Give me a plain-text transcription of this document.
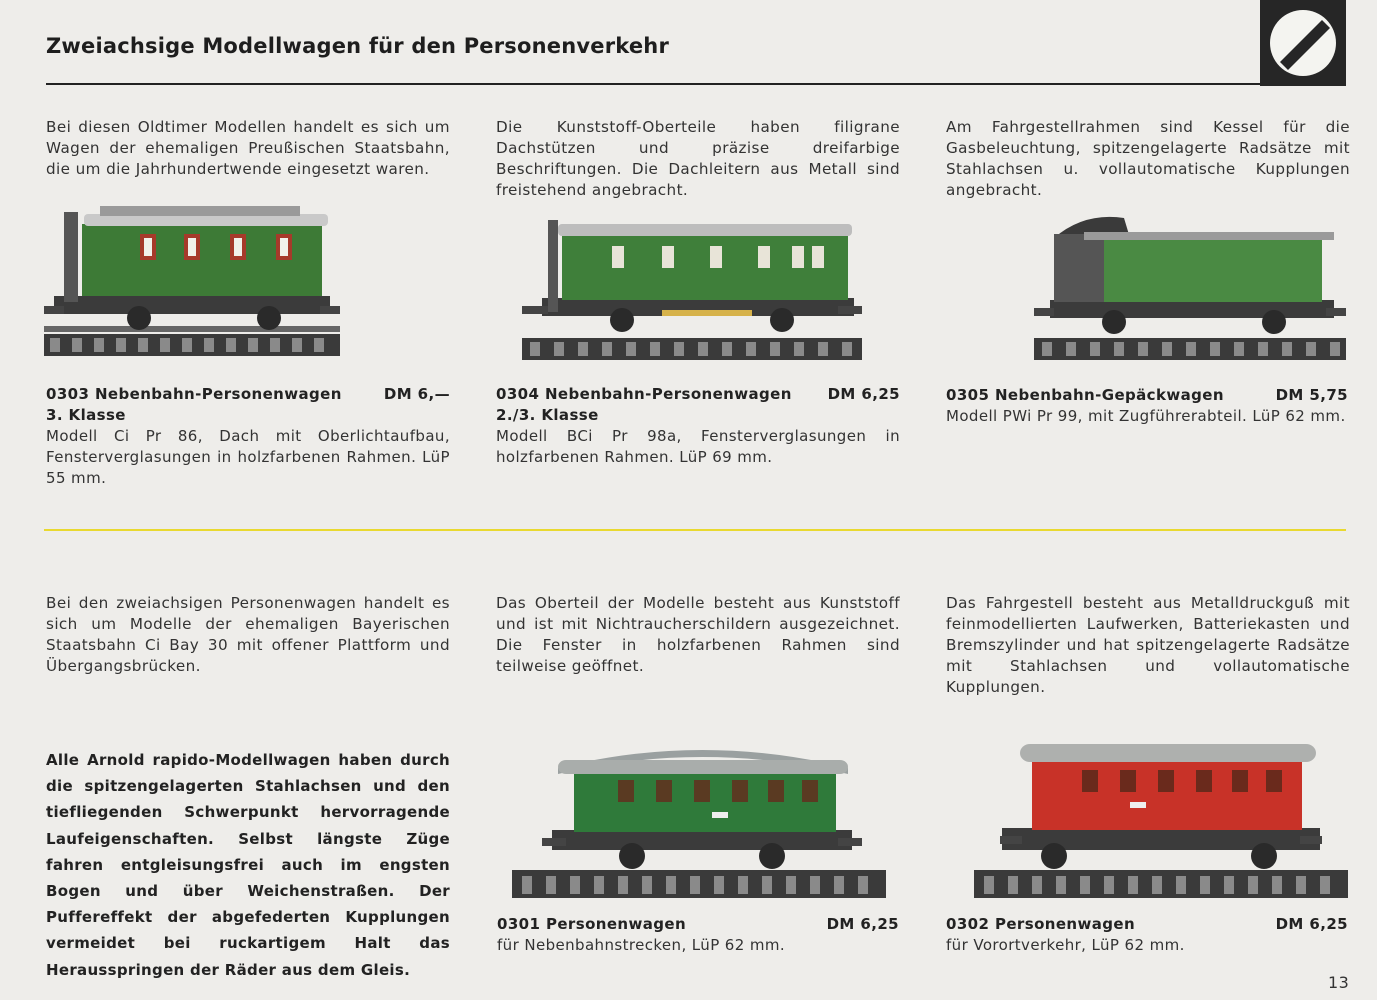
Zweiachsige Modellwagen für den Personenverkehr
Bei diesen Oldtimer Modellen handelt es sich um Wagen der ehemaligen Preußischen Staatsbahn, die um die Jahrhundertwende eingesetzt waren.
Die Kunststoff-Oberteile haben filigrane Dachstützen und präzise dreifarbige Beschriftungen. Die Dachleitern aus Metall sind freistehend angebracht.
Am Fahrgestellrahmen sind Kessel für die Gasbeleuchtung, spitzengelagerte Radsätze mit Stahlachsen u. vollautomatische Kupplungen angebracht.
0303 Nebenbahn-Personenwagen	DM 6,—
3. Klasse
Modell Ci Pr 86, Dach mit Oberlichtaufbau, Fensterverglasungen in holzfarbenen Rahmen. LüP 55 mm.
0304 Nebenbahn-Personenwagen DM 6,25
2./3. Klasse
Modell BCi Pr 98a, Fensterverglasungen in holzfarbenen Rahmen. LüP 69 mm.
0305 Nebenbahn-Gepäckwagen	DM 5,75
Modell PWi Pr 99, mit Zugführerabteil. LüP 62 mm.
Bei den zweiachsigen Personenwagen handelt es sich um Modelle der ehemaligen Bayerischen Staatsbahn Ci Bay 30 mit offener Plattform und Übergangsbrücken.
Das Oberteil der Modelle besteht aus Kunststoff und ist mit Nichtraucherschildern ausgezeichnet. Die Fenster in holzfarbenen Rahmen sind teilweise geöffnet.
Das Fahrgestell besteht aus Metalldruckguß mit feinmodellierten Laufwerken, Batteriekasten und Bremszylinder und hat spitzengelagerte Radsätze mit Stahlachsen und vollautomatische Kupplungen.
Alle Arnold rapido-Modellwagen haben durch die spitzengelagerten Stahlachsen und den tiefliegenden Schwerpunkt hervorragende Laufeigenschaften. Selbst längste Züge fahren entgleisungsfrei auch im engsten Bogen und über Weichenstraßen. Der Puffereffekt der abgefederten Kupplungen vermeidet bei ruckartigem Halt das Herausspringen der Räder aus dem Gleis.
0301 Personenwagen	DM 6,25
für Nebenbahnstrecken, LüP 62 mm.
0302 Personenwagen	DM 6,25
für Vorortverkehr, LüP 62 mm.
13
